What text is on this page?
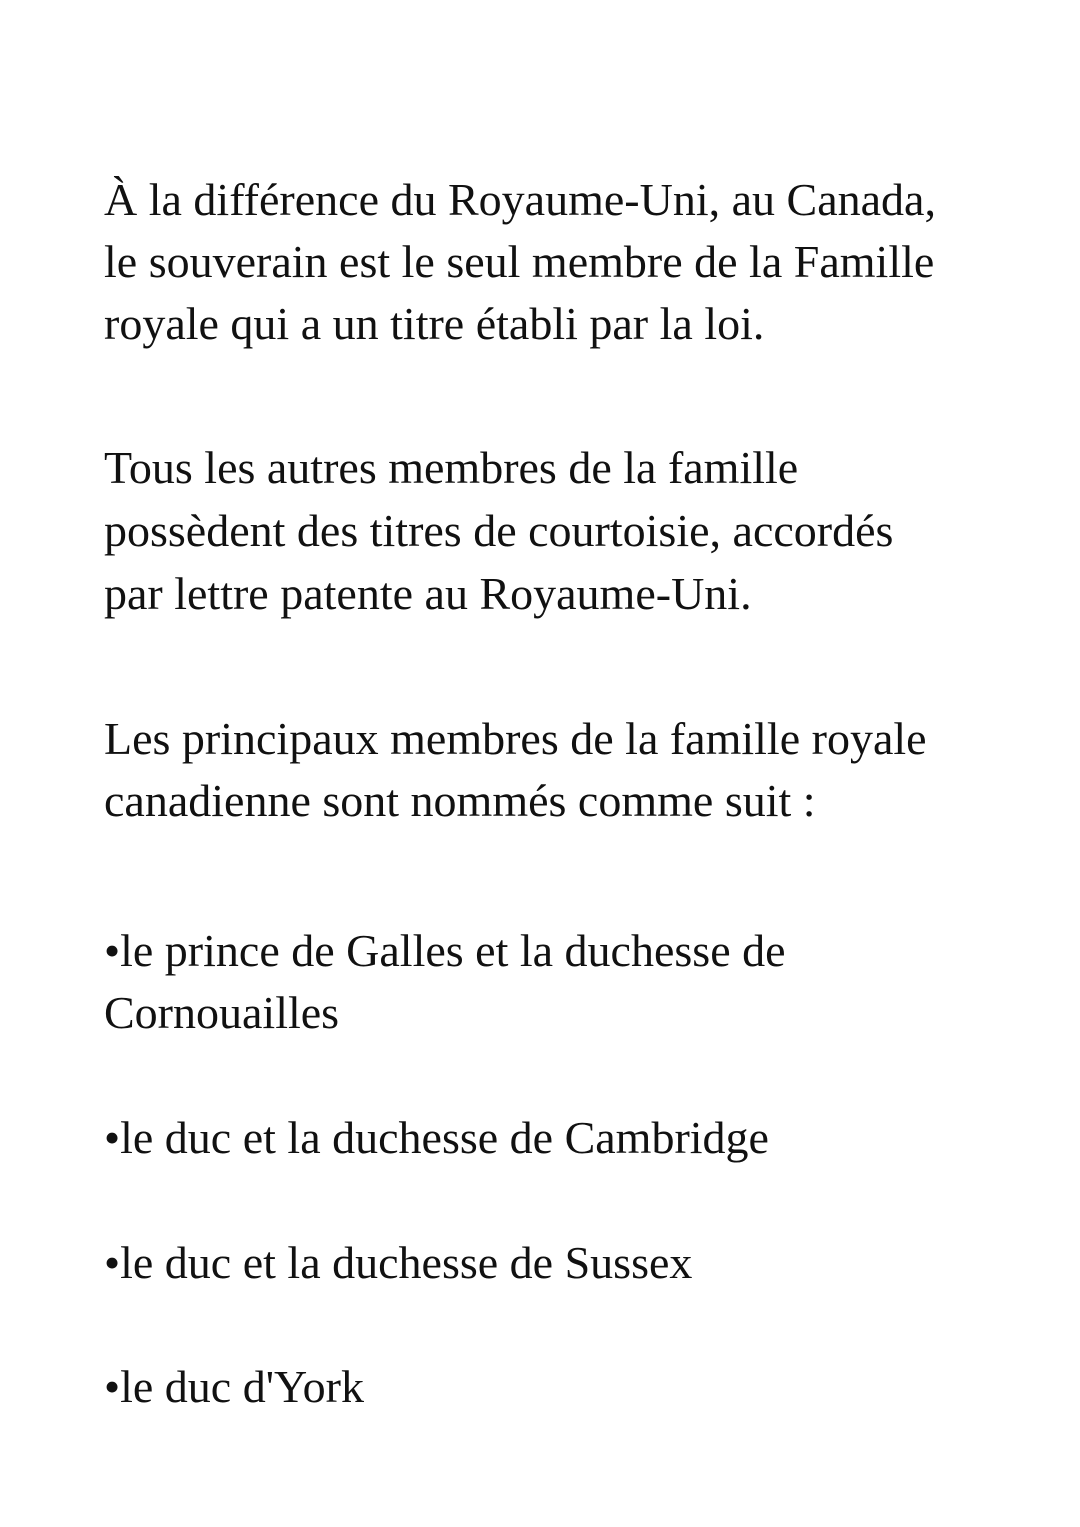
À la différence du Royaume-Uni, au Canada,
le souverain est le seul membre de la Famille
royale qui a un titre établi par la loi.
Tous les autres membres de la famille
possèdent des titres de courtoisie, accordés
par lettre patente au Royaume-Uni.
Les principaux membres de la famille royale
canadienne sont nommés comme suit :
•le prince de Galles et la duchesse de
Cornouailles
•le duc et la duchesse de Cambridge
•le duc et la duchesse de Sussex
•le duc d'York
